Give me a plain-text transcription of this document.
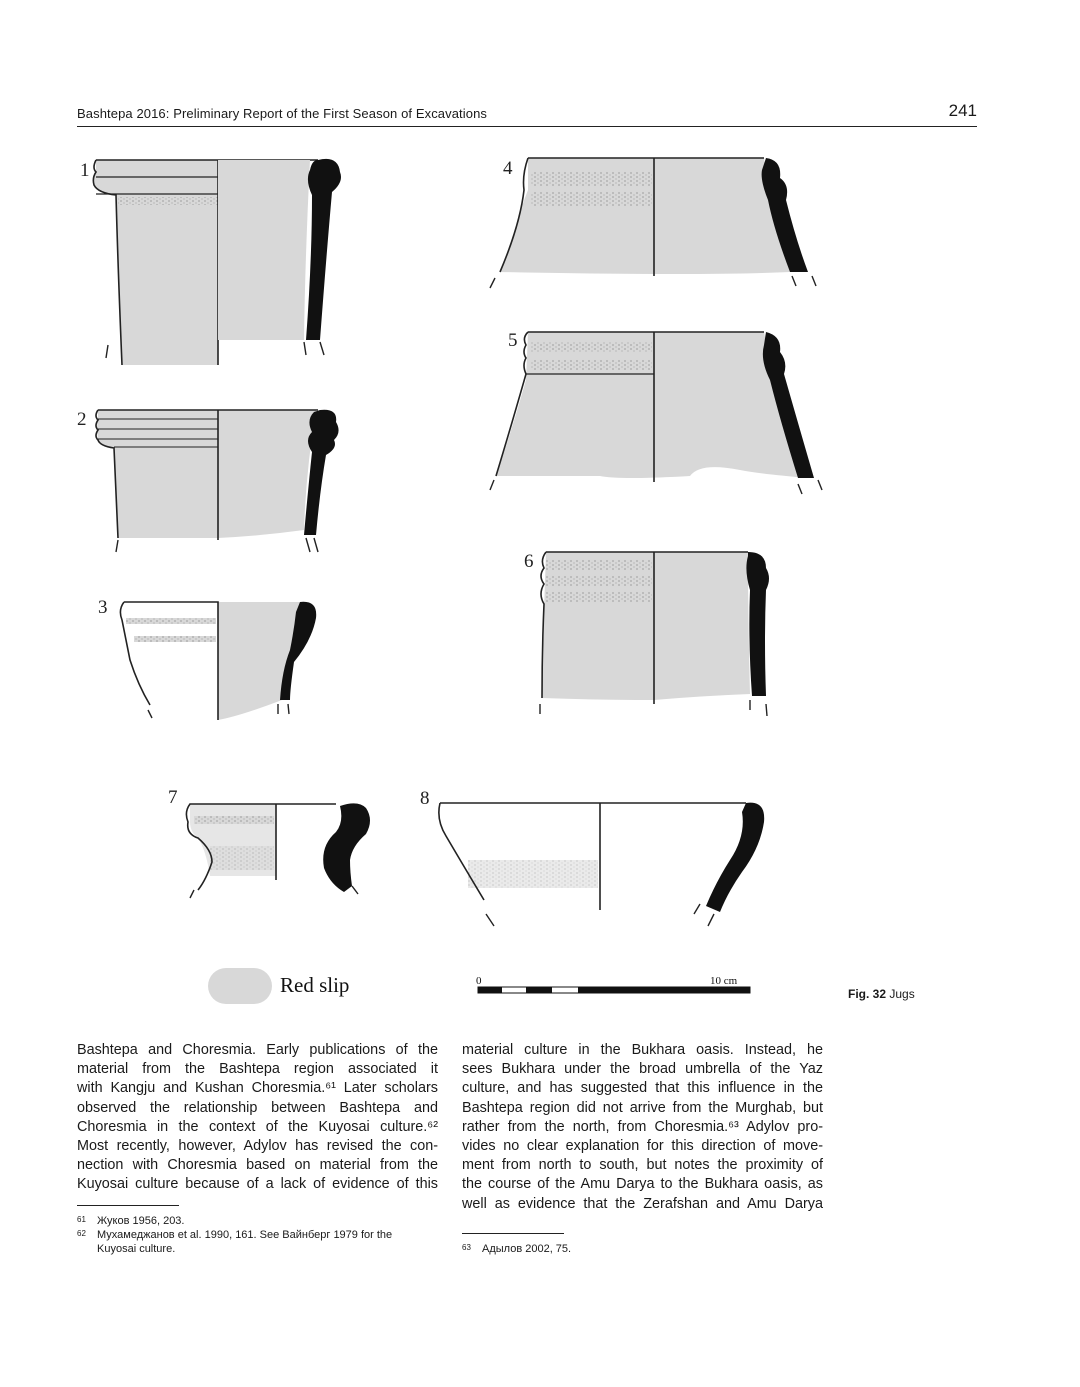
Bashtepa 2016: Preliminary Report of the First Season of Excavations	241
1
2
3
4
5
6
7	8
Red slip	0	10 cm
Fig. 32 Jugs

Bashtepa and Choresmia. Early publications of the
material from the Bashtepa region associated it
with Kangju and Kushan Choresmia.⁶¹ Later scholars
observed the relationship between Bashtepa and
Choresmia in the context of the Kuyosai culture.⁶²
Most recently, however, Adylov has revised the con-
nection with Choresmia based on material from the
Kuyosai culture because of a lack of evidence of this

material culture in the Bukhara oasis. Instead, he
sees Bukhara under the broad umbrella of the Yaz
culture, and has suggested that this influence in the
Bashtepa region did not arrive from the Murghab, but
rather from the north, from Choresmia.⁶³ Adylov pro-
vides no clear explanation for this direction of move-
ment from north to south, but notes the proximity of
the course of the Amu Darya to the Bukhara oasis, as
well as evidence that the Zerafshan and Amu Darya

61 Жуков 1956, 203.
62 Мухамеджанов et al. 1990, 161. See Вайнберг 1979 for the
Kuyosai culture.	63 Адылов 2002, 75.
